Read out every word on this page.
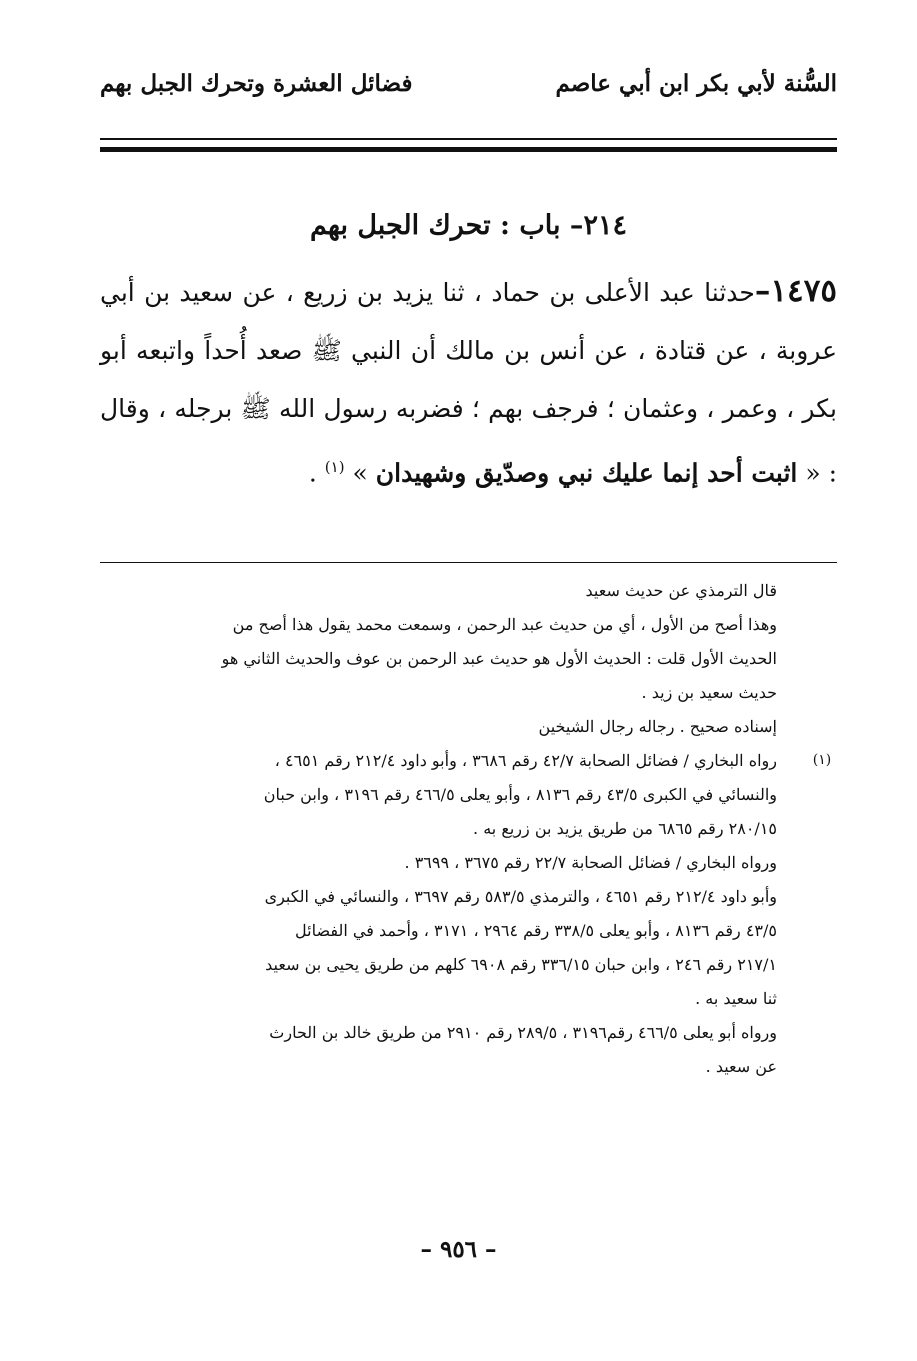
السُّنة لأبي بكر ابن أبي عاصم
فضائل العشرة وتحرك الجبل بهم
٢١٤– باب : تحرك الجبل بهم

١٤٧٥–حدثنا عبد الأعلى بن حماد ، ثنا يزيد بن زريع ، عن سعيد بن أبي عروبة ، عن قتادة ، عن أنس بن مالك أن النبي ﷺ صعد أُحداً واتبعه أبو بكر ، وعمر ، وعثمان ؛ فرجف بهم ؛ فضربه رسول الله ﷺ برجله ، وقال : « اثبت أحد إنما عليك نبي وصدّيق وشهيدان » $^{(١)}$ .

قال الترمذي عن حديث سعيد

وهذا أصح من الأول ، أي من حديث عبد الرحمن ، وسمعت محمد يقول هذا أصح من

الحديث الأول قلت : الحديث الأول هو حديث عبد الرحمن بن عوف والحديث الثاني هو

حديث سعيد بن زيد .

إسناده صحيح . رجاله رجال الشيخين

رواه البخاري / فضائل الصحابة ٤٢/٧ رقم ٣٦٨٦ ، وأبو داود ٢١٢/٤ رقم ٤٦٥١ ،

والنسائي في الكبرى ٤٣/٥ رقم ٨١٣٦ ، وأبو يعلى ٤٦٦/٥ رقم ٣١٩٦ ، وابن حبان

٢٨٠/١٥ رقم ٦٨٦٥ من طريق يزيد بن زريع به .

ورواه البخاري / فضائل الصحابة ٢٢/٧ رقم ٣٦٧٥ ، ٣٦٩٩ .

وأبو داود ٢١٢/٤ رقم ٤٦٥١ ، والترمذي ٥٨٣/٥ رقم ٣٦٩٧ ، والنسائي في الكبرى

٤٣/٥ رقم ٨١٣٦ ، وأبو يعلى ٣٣٨/٥ رقم ٢٩٦٤ ، ٣١٧١ ، وأحمد في الفضائل

٢١٧/١ رقم ٢٤٦ ، وابن حبان ٣٣٦/١٥ رقم ٦٩٠٨ كلهم من طريق يحيى بن سعيد

ثنا سعيد به .

ورواه أبو يعلى ٤٦٦/٥ رقم٣١٩٦ ، ٢٨٩/٥ رقم ٢٩١٠ من طريق خالد بن الحارث

عن سعيد .

(١)
– ٩٥٦ –
